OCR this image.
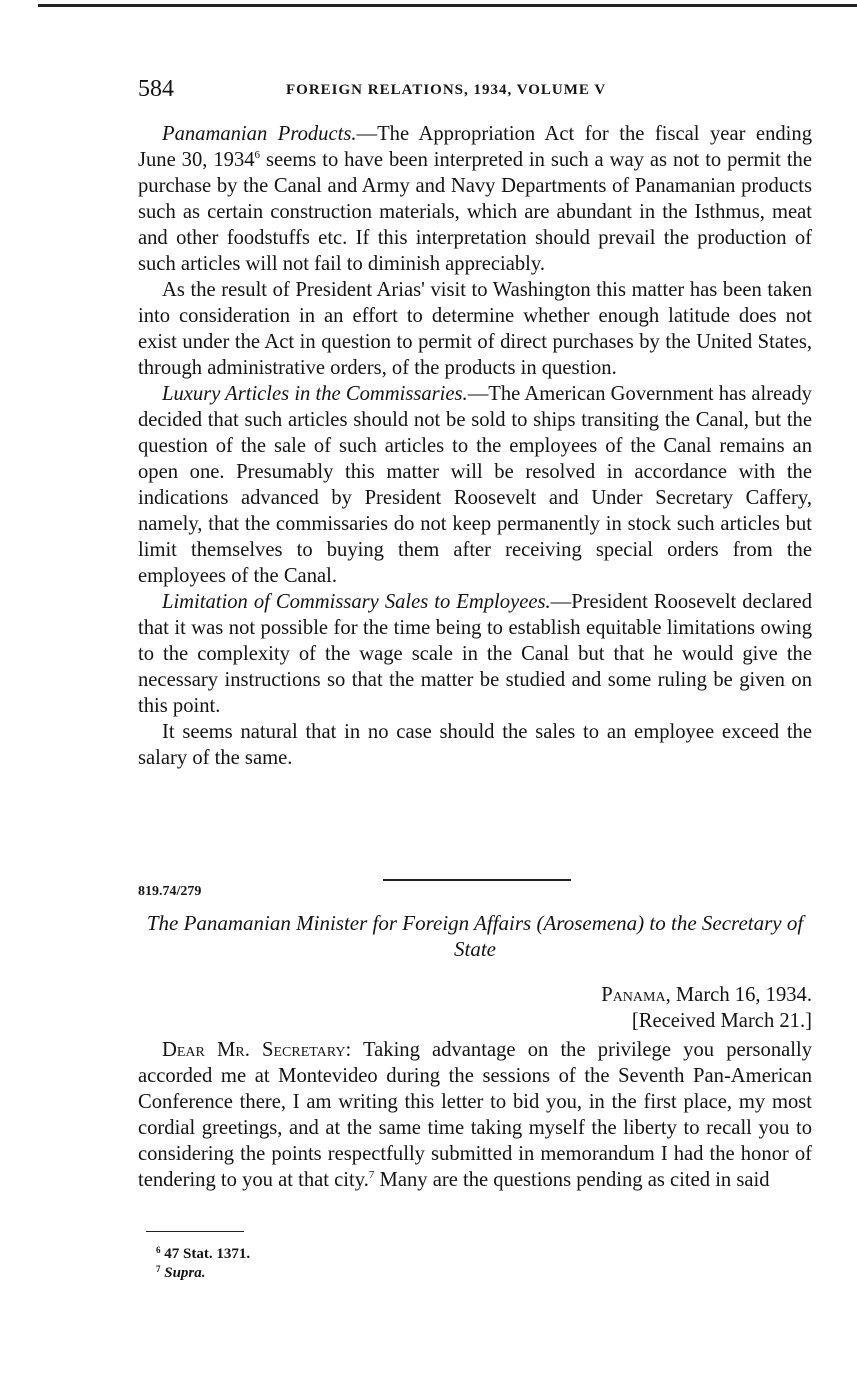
584	FOREIGN RELATIONS, 1934, VOLUME V

Panamanian Products.—The Appropriation Act for the fiscal year ending June 30, 1934$^6$ seems to have been interpreted in such a way as not to permit the purchase by the Canal and Army and Navy Departments of Panamanian products such as certain construction materials, which are abundant in the Isthmus, meat and other foodstuffs etc. If this interpretation should prevail the production of such articles will not fail to diminish appreciably.

As the result of President Arias' visit to Washington this matter has been taken into consideration in an effort to determine whether enough latitude does not exist under the Act in question to permit of direct purchases by the United States, through administrative orders, of the products in question.

Luxury Articles in the Commissaries.—The American Government has already decided that such articles should not be sold to ships transiting the Canal, but the question of the sale of such articles to the employees of the Canal remains an open one. Presumably this matter will be resolved in accordance with the indications advanced by President Roosevelt and Under Secretary Caffery, namely, that the commissaries do not keep permanently in stock such articles but limit themselves to buying them after receiving special orders from the employees of the Canal.

Limitation of Commissary Sales to Employees.—President Roosevelt declared that it was not possible for the time being to establish equitable limitations owing to the complexity of the wage scale in the Canal but that he would give the necessary instructions so that the matter be studied and some ruling be given on this point.

It seems natural that in no case should the sales to an employee exceed the salary of the same.

819.74/279
The Panamanian Minister for Foreign Affairs (Arosemena) to the Secretary of State
Panama, March 16, 1934.
[Received March 21.]

Dear Mr. Secretary: Taking advantage on the privilege you personally accorded me at Montevideo during the sessions of the Seventh Pan-American Conference there, I am writing this letter to bid you, in the first place, my most cordial greetings, and at the same time taking myself the liberty to recall you to considering the points respectfully submitted in memorandum I had the honor of tendering to you at that city.$^7$ Many are the questions pending as cited in said

$^6$ 47 Stat. 1371.
$^7$ Supra.
